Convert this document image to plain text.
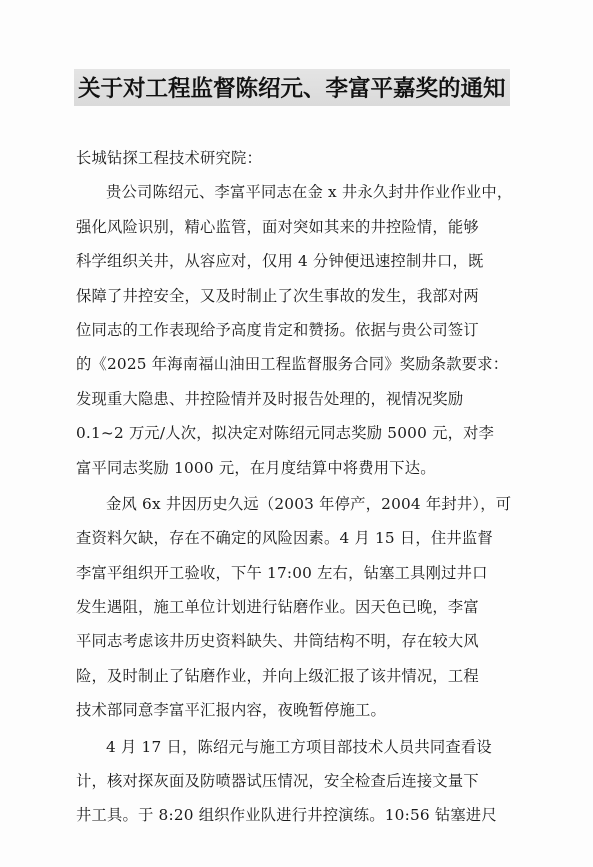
关于对工程监督陈绍元、李富平嘉奖的通知
长城钻探工程技术研究院：
贵公司陈绍元、李富平同志在金 x 井永久封井作业作业中，
强化风险识别，精心监管，面对突如其来的井控险情，能够
科学组织关井，从容应对，仅用 4 分钟便迅速控制井口，既
保障了井控安全，又及时制止了次生事故的发生，我部对两
位同志的工作表现给予高度肯定和赞扬。依据与贵公司签订
的《2025 年海南福山油田工程监督服务合同》奖励条款要求：
发现重大隐患、井控险情并及时报告处理的，视情况奖励
0.1~2 万元/人次，拟决定对陈绍元同志奖励 5000 元，对李
富平同志奖励 1000 元，在月度结算中将费用下达。
金风 6x 井因历史久远（2003 年停产，2004 年封井），可
查资料欠缺，存在不确定的风险因素。4 月 15 日，住井监督
李富平组织开工验收，下午 17:00 左右，钻塞工具刚过井口
发生遇阻，施工单位计划进行钻磨作业。因天色已晚，李富
平同志考虑该井历史资料缺失、井筒结构不明，存在较大风
险，及时制止了钻磨作业，并向上级汇报了该井情况，工程
技术部同意李富平汇报内容，夜晚暂停施工。
4 月 17 日，陈绍元与施工方项目部技术人员共同查看设
计，核对探灰面及防喷器试压情况，安全检查后连接文量下
井工具。于 8:20 组织作业队进行井控演练。10:56 钻塞进尺
